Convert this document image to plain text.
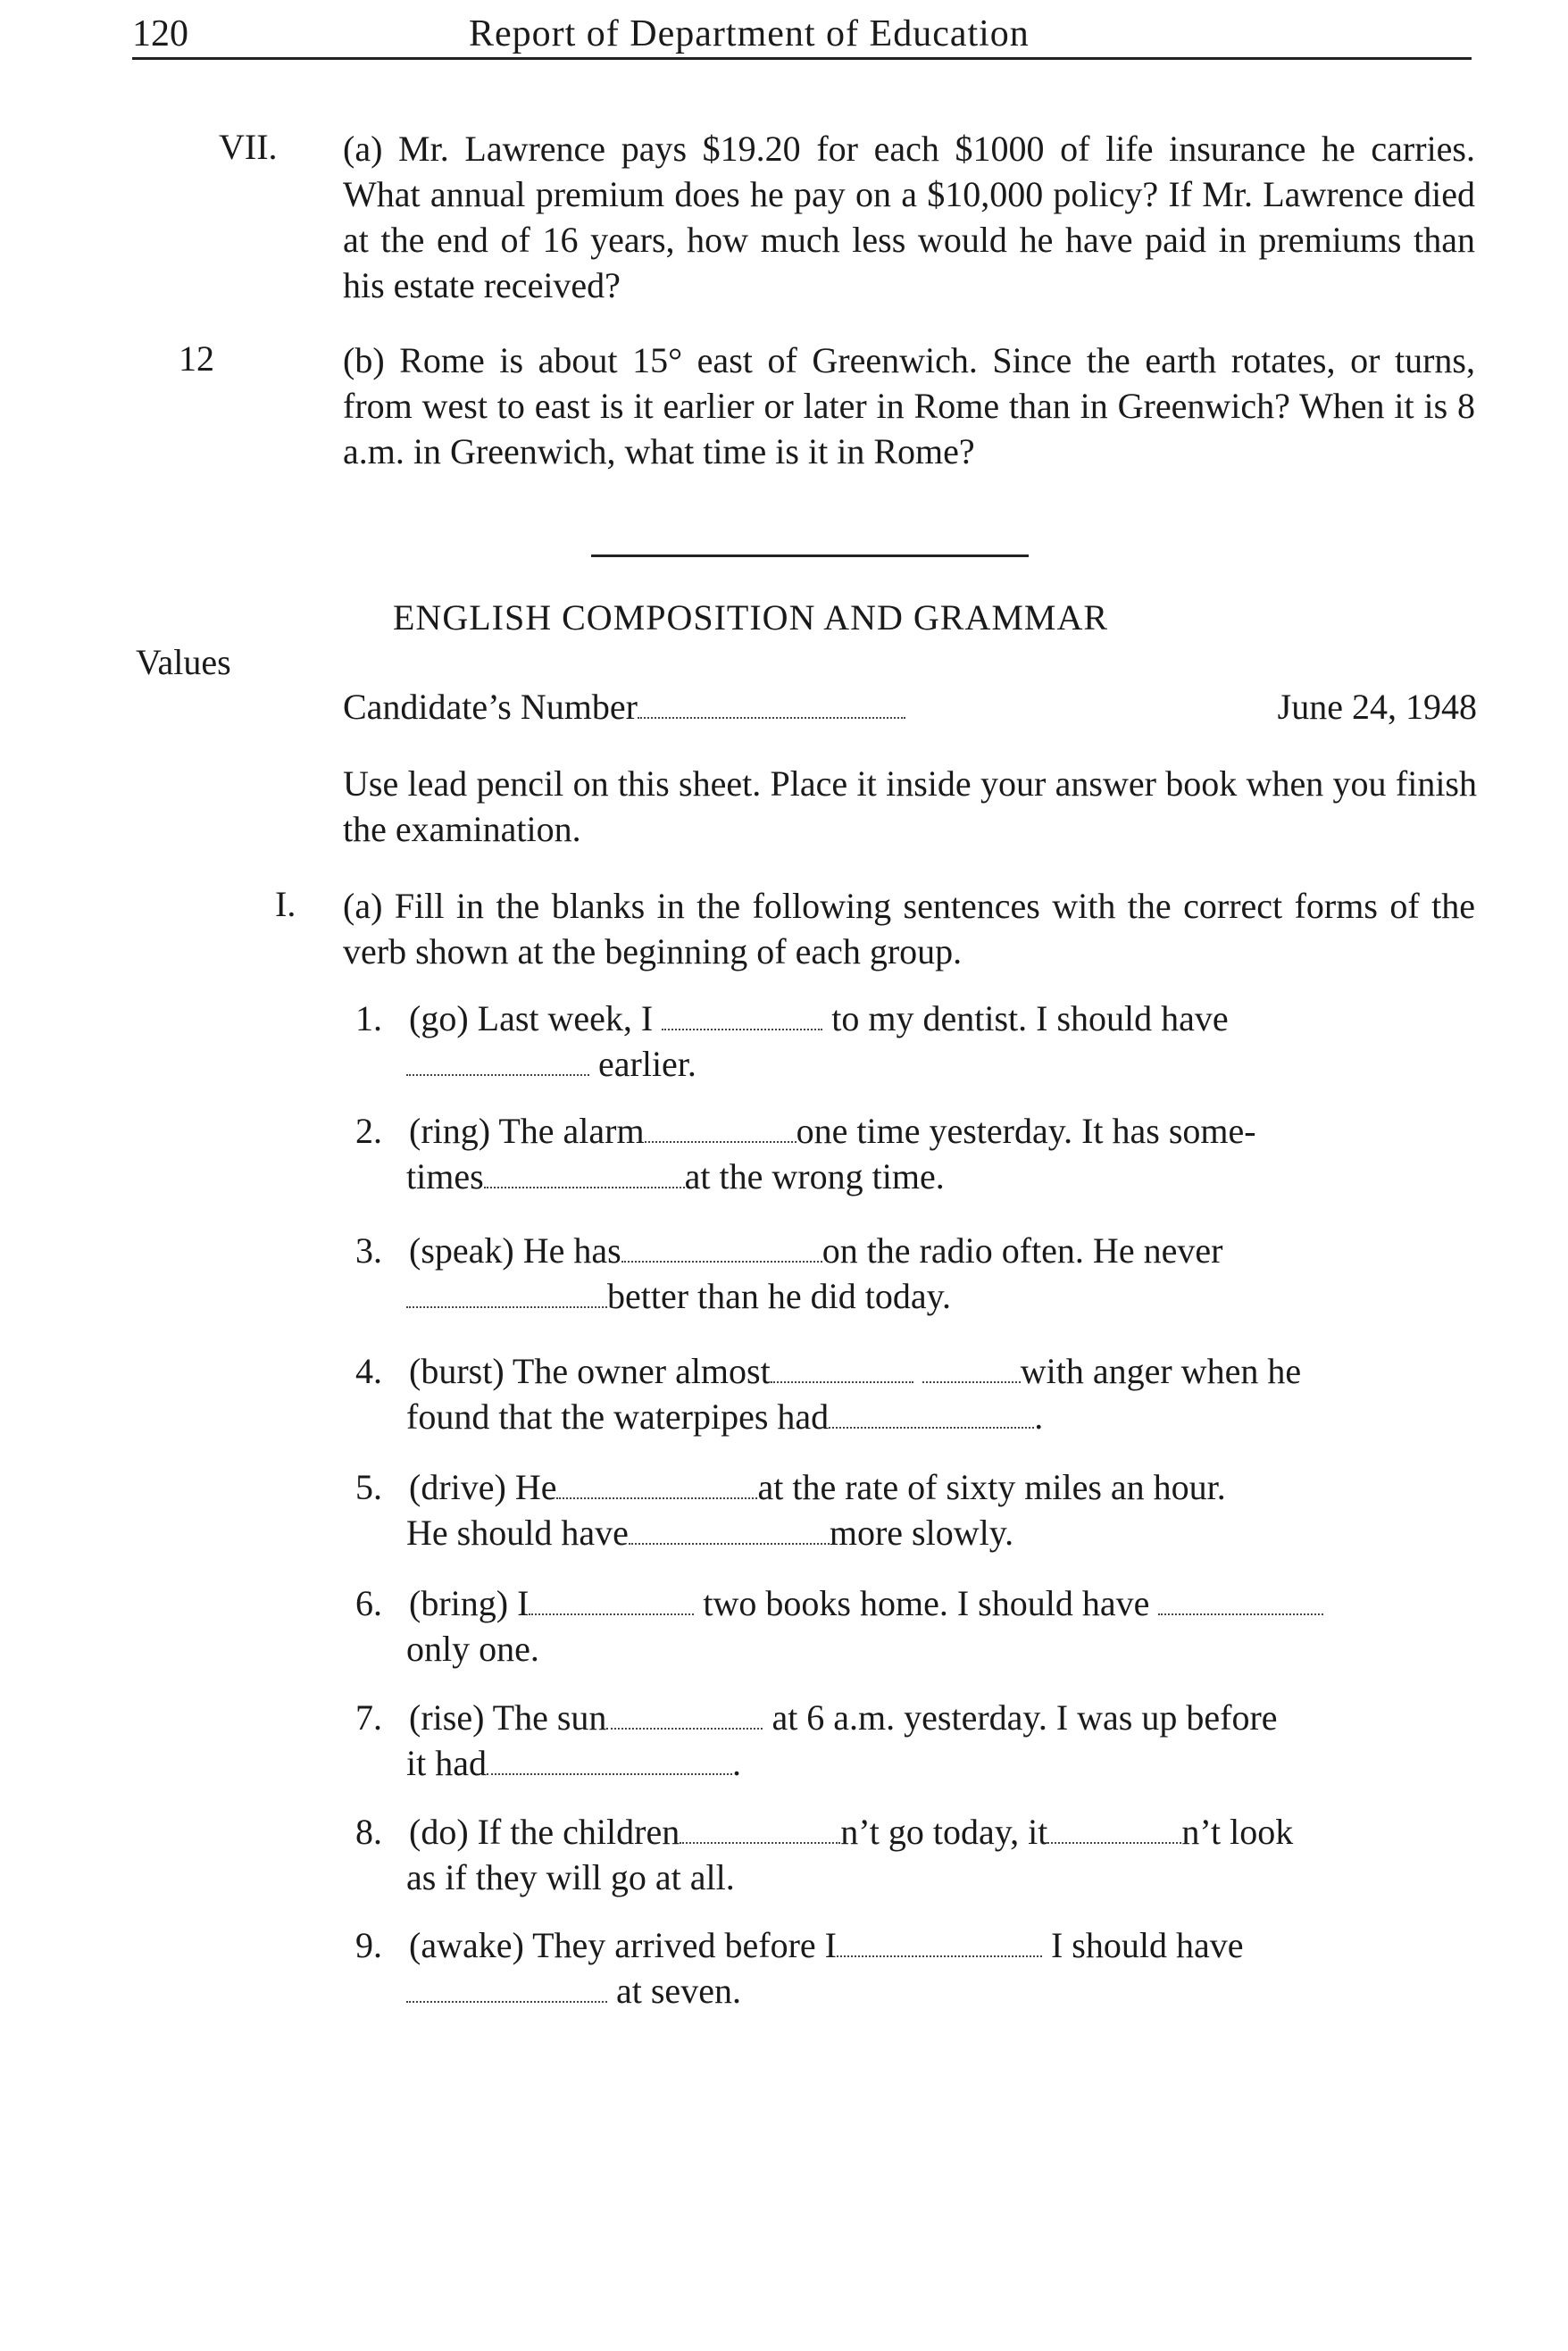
120	Report of Department of Education
VII. (a) Mr. Lawrence pays $19.20 for each $1000 of life insurance he carries. What annual premium does he pay on a $10,000 policy? If Mr. Lawrence died at the end of 16 years, how much less would he have paid in premiums than his estate received?
12	(b) Rome is about 15° east of Greenwich. Since the earth rotates, or turns, from west to east is it earlier or later in Rome than in Greenwich? When it is 8 a.m. in Greenwich, what time is it in Rome?
ENGLISH COMPOSITION AND GRAMMAR
Values
Candidate’s Number	June 24, 1948
Use lead pencil on this sheet. Place it inside your answer book when you finish the examination.
I. (a) Fill in the blanks in the following sentences with the correct forms of the verb shown at the beginning of each group.
1. (go) Last week, I	to my dentist. I should have
earlier.
2. (ring) The alarm	one time yesterday. It has some-
times	at the wrong time.
3. (speak) He has	on the radio often. He never
better than he did today.
4. (burst) The owner almost	with anger when he
found that the waterpipes had	.
5. (drive) He	at the rate of sixty miles an hour.
He should have	more slowly.
6. (bring) I	two books home. I should have
only one.
7. (rise) The sun	at 6 a.m. yesterday. I was up before
it had	.
8. (do) If the children	n’t go today, it	n’t look
as if they will go at all.
9. (awake) They arrived before I	I should have
at seven.
